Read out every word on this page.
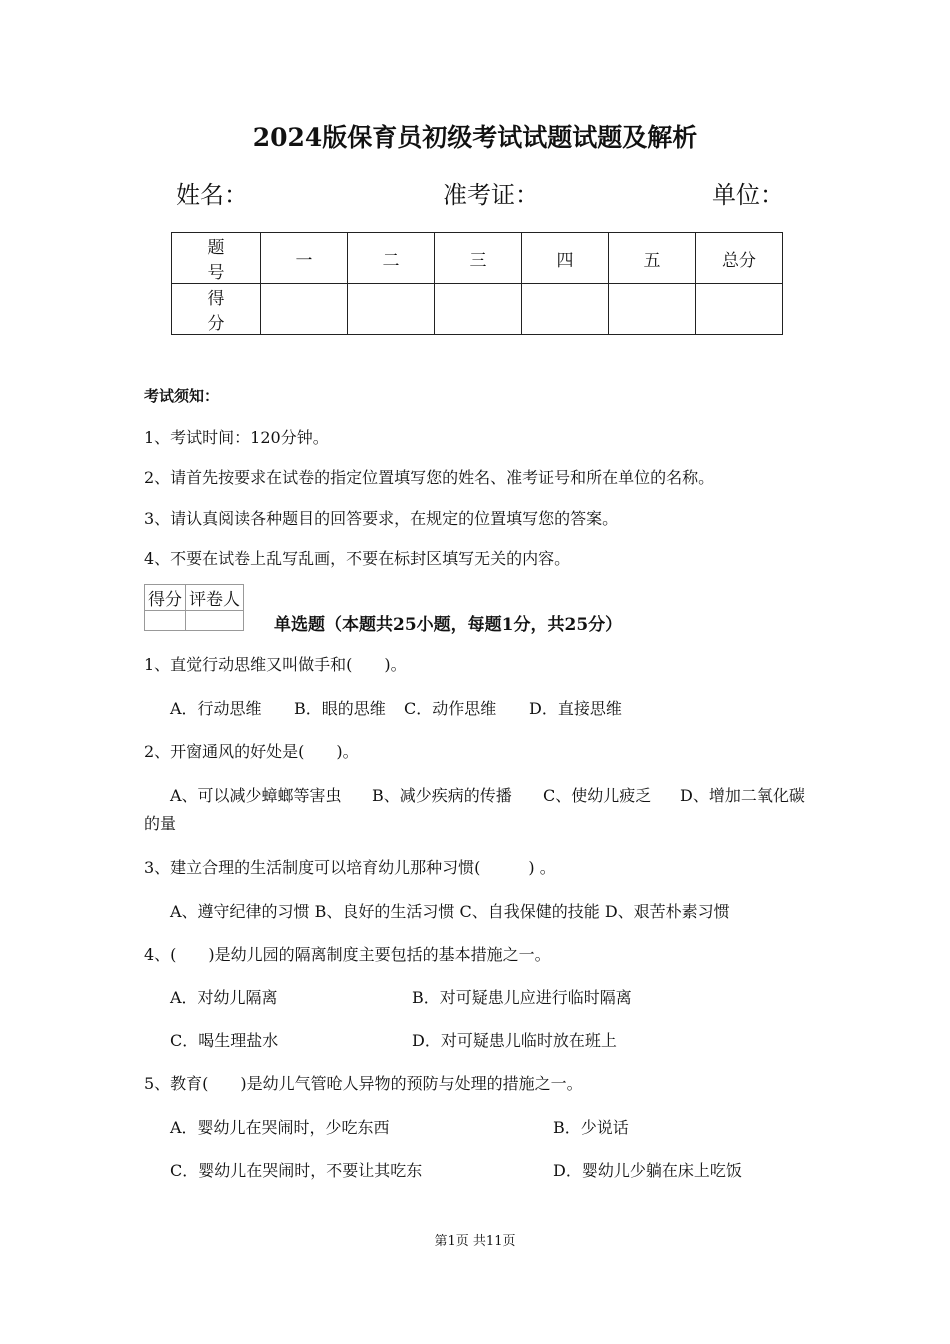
2024版保育员初级考试试题试题及解析
姓名：	准考证：	单位：
题　号	一	二	三	四	五	总分
得　分						
考试须知：
1、考试时间：120分钟。
2、请首先按要求在试卷的指定位置填写您的姓名、准考证号和所在单位的名称。
3、请认真阅读各种题目的回答要求，在规定的位置填写您的答案。
4、不要在试卷上乱写乱画，不要在标封区填写无关的内容。
得分	评卷人

单选题（本题共25小题，每题1分，共25分）
1、直觉行动思维又叫做手和(　　)。
A．行动思维 B．眼的思维 C．动作思维 D．直接思维
2、开窗通风的好处是(　　)。
A、可以减少蟑螂等害虫 B、减少疾病的传播 C、使幼儿疲乏 D、增加二氧化碳
的量
3、建立合理的生活制度可以培育幼儿那种习惯(　　　) 。
A、遵守纪律的习惯 B、良好的生活习惯 C、自我保健的技能 D、艰苦朴素习惯
4、(　　)是幼儿园的隔离制度主要包括的基本措施之一。
A．对幼儿隔离	B．对可疑患儿应进行临时隔离
C．喝生理盐水	D．对可疑患儿临时放在班上
5、教育(　　)是幼儿气管呛人异物的预防与处理的措施之一。
A．婴幼儿在哭闹时，少吃东西	B．少说话
C．婴幼儿在哭闹时，不要让其吃东	D．婴幼儿少躺在床上吃饭
第1页 共11页
